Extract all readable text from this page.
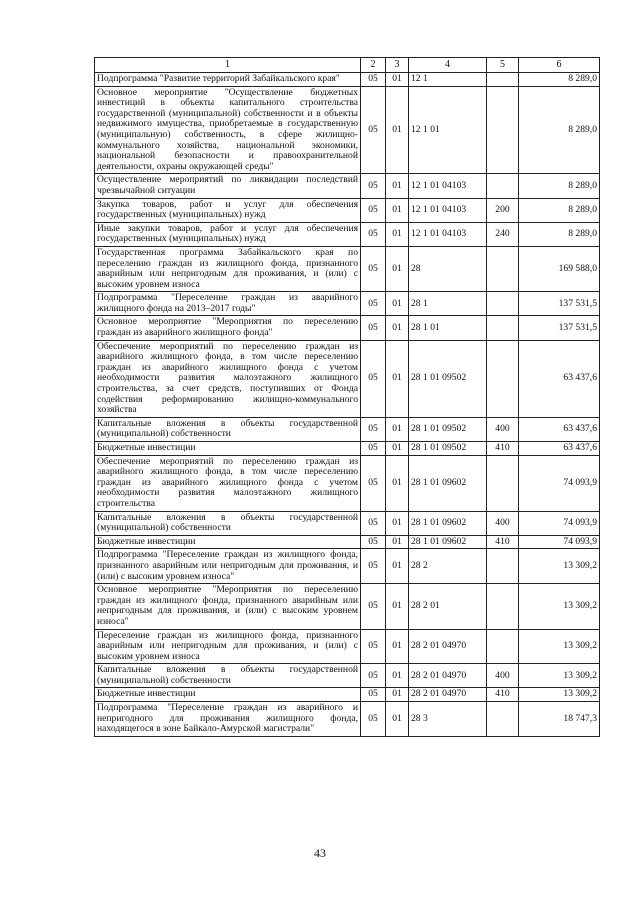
1	2	3	4	5	6
Подпрограмма "Развитие территорий Забайкальского края"	05	01	12 1		8 289,0
Основное мероприятие "Осуществление бюджетных инвестиций в объекты капитального строительства государственной (муниципальной) собственности и в объекты недвижимого имущества, приобретаемые в государственную (муниципальную) собственность, в сфере жилищно-коммунального хозяйства, национальной экономики, национальной безопасности и правоохранительной деятельности, охраны окружающей среды"	05	01	12 1 01		8 289,0
Осуществление мероприятий по ликвидации последствий чрезвычайной ситуации	05	01	12 1 01 04103		8 289,0
Закупка товаров, работ и услуг для обеспечения государственных (муниципальных) нужд	05	01	12 1 01 04103	200	8 289,0
Иные закупки товаров, работ и услуг для обеспечения государственных (муниципальных) нужд	05	01	12 1 01 04103	240	8 289,0
Государственная программа Забайкальского края по переселению граждан из жилищного фонда, признанного аварийным или непригодным для проживания, и (или) с высоким уровнем износа	05	01	28		169 588,0
Подпрограмма "Переселение граждан из аварийного жилищного фонда на 2013–2017 годы"	05	01	28 1		137 531,5
Основное мероприятие "Мероприятия по переселению граждан из аварийного жилищного фонда"	05	01	28 1 01		137 531,5
Обеспечение мероприятий по переселению граждан из аварийного жилищного фонда, в том числе переселению граждан из аварийного жилищного фонда с учетом необходимости развития малоэтажного жилищного строительства, за счет средств, поступивших от Фонда содействия реформированию жилищно-коммунального хозяйства	05	01	28 1 01 09502		63 437,6
Капитальные вложения в объекты государственной (муниципальной) собственности	05	01	28 1 01 09502	400	63 437,6
Бюджетные инвестиции	05	01	28 1 01 09502	410	63 437,6
Обеспечение мероприятий по переселению граждан из аварийного жилищного фонда, в том числе переселению граждан из аварийного жилищного фонда с учетом необходимости развития малоэтажного жилищного строительства	05	01	28 1 01 09602		74 093,9
Капитальные вложения в объекты государственной (муниципальной) собственности	05	01	28 1 01 09602	400	74 093,9
Бюджетные инвестиции	05	01	28 1 01 09602	410	74 093,9
Подпрограмма "Переселение граждан из жилищного фонда, признанного аварийным или непригодным для проживания, и (или) с высоким уровнем износа"	05	01	28 2		13 309,2
Основное мероприятие "Мероприятия по переселению граждан из жилищного фонда, признанного аварийным или непригодным для проживания, и (или) с высоким уровнем износа"	05	01	28 2 01		13 309,2
Переселение граждан из жилищного фонда, признанного аварийным или непригодным для проживания, и (или) с высоким уровнем износа	05	01	28 2 01 04970		13 309,2
Капитальные вложения в объекты государственной (муниципальной) собственности	05	01	28 2 01 04970	400	13 309,2
Бюджетные инвестиции	05	01	28 2 01 04970	410	13 309,2
Подпрограмма "Переселение граждан из аварийного и непригодного для проживания жилищного фонда, находящегося в зоне Байкало-Амурской магистрали"	05	01	28 3		18 747,3
43
